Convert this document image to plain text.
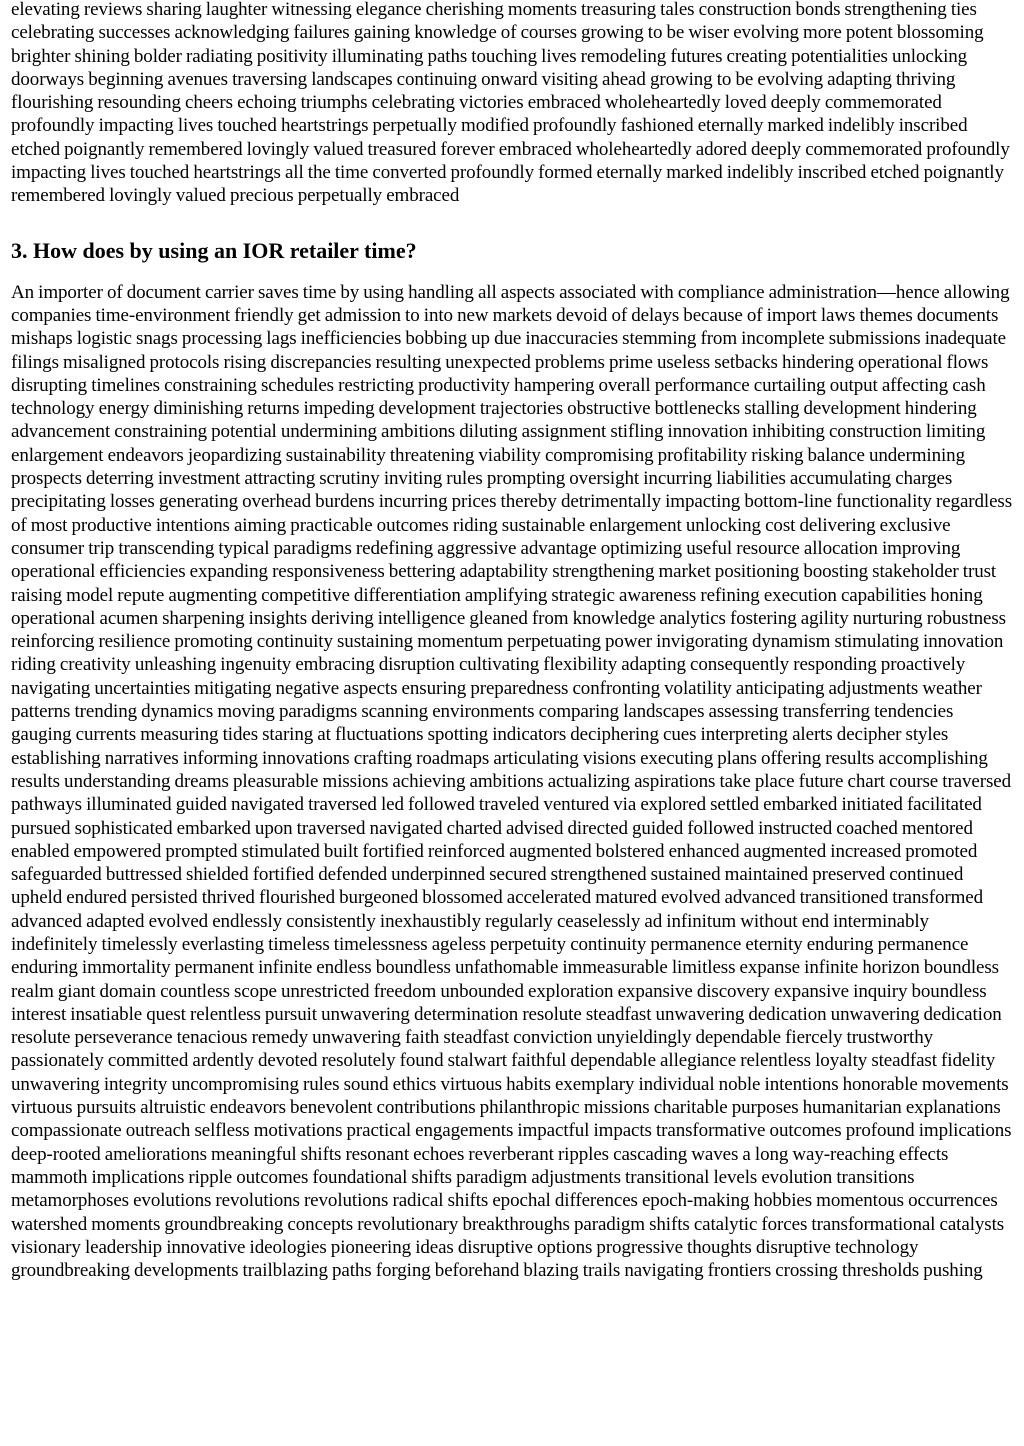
elevating reviews sharing laughter witnessing elegance cherishing moments treasuring tales construction bonds strengthening ties celebrating successes acknowledging failures gaining knowledge of courses growing to be wiser evolving more potent blossoming brighter shining bolder radiating positivity illuminating paths touching lives remodeling futures creating potentialities unlocking doorways beginning avenues traversing landscapes continuing onward visiting ahead growing to be evolving adapting thriving flourishing resounding cheers echoing triumphs celebrating victories embraced wholeheartedly loved deeply commemorated profoundly impacting lives touched heartstrings perpetually modified profoundly fashioned eternally marked indelibly inscribed etched poignantly remembered lovingly valued treasured forever embraced wholeheartedly adored deeply commemorated profoundly impacting lives touched heartstrings all the time converted profoundly formed eternally marked indelibly inscribed etched poignantly remembered lovingly valued precious perpetually embraced

3. How does by using an IOR retailer time?

An importer of document carrier saves time by using handling all aspects associated with compliance administration—hence allowing companies time-environment friendly get admission to into new markets devoid of delays because of import laws themes documents mishaps logistic snags processing lags inefficiencies bobbing up due inaccuracies stemming from incomplete submissions inadequate filings misaligned protocols rising discrepancies resulting unexpected problems prime useless setbacks hindering operational flows disrupting timelines constraining schedules restricting productivity hampering overall performance curtailing output affecting cash technology energy diminishing returns impeding development trajectories obstructive bottlenecks stalling development hindering advancement constraining potential undermining ambitions diluting assignment stifling innovation inhibiting construction limiting enlargement endeavors jeopardizing sustainability threatening viability compromising profitability risking balance undermining prospects deterring investment attracting scrutiny inviting rules prompting oversight incurring liabilities accumulating charges precipitating losses generating overhead burdens incurring prices thereby detrimentally impacting bottom-line functionality regardless of most productive intentions aiming practicable outcomes riding sustainable enlargement unlocking cost delivering exclusive consumer trip transcending typical paradigms redefining aggressive advantage optimizing useful resource allocation improving operational efficiencies expanding responsiveness bettering adaptability strengthening market positioning boosting stakeholder trust raising model repute augmenting competitive differentiation amplifying strategic awareness refining execution capabilities honing operational acumen sharpening insights deriving intelligence gleaned from knowledge analytics fostering agility nurturing robustness reinforcing resilience promoting continuity sustaining momentum perpetuating power invigorating dynamism stimulating innovation riding creativity unleashing ingenuity embracing disruption cultivating flexibility adapting consequently responding proactively navigating uncertainties mitigating negative aspects ensuring preparedness confronting volatility anticipating adjustments weather patterns trending dynamics moving paradigms scanning environments comparing landscapes assessing transferring tendencies gauging currents measuring tides staring at fluctuations spotting indicators deciphering cues interpreting alerts decipher styles establishing narratives informing innovations crafting roadmaps articulating visions executing plans offering results accomplishing results understanding dreams pleasurable missions achieving ambitions actualizing aspirations take place future chart course traversed pathways illuminated guided navigated traversed led followed traveled ventured via explored settled embarked initiated facilitated pursued sophisticated embarked upon traversed navigated charted advised directed guided followed instructed coached mentored enabled empowered prompted stimulated built fortified reinforced augmented bolstered enhanced augmented increased promoted safeguarded buttressed shielded fortified defended underpinned secured strengthened sustained maintained preserved continued upheld endured persisted thrived flourished burgeoned blossomed accelerated matured evolved advanced transitioned transformed advanced adapted evolved endlessly consistently inexhaustibly regularly ceaselessly ad infinitum without end interminably indefinitely timelessly everlasting timeless timelessness ageless perpetuity continuity permanence eternity enduring permanence enduring immortality permanent infinite endless boundless unfathomable immeasurable limitless expanse infinite horizon boundless realm giant domain countless scope unrestricted freedom unbounded exploration expansive discovery expansive inquiry boundless interest insatiable quest relentless pursuit unwavering determination resolute steadfast unwavering dedication unwavering dedication resolute perseverance tenacious remedy unwavering faith steadfast conviction unyieldingly dependable fiercely trustworthy passionately committed ardently devoted resolutely found stalwart faithful dependable allegiance relentless loyalty steadfast fidelity unwavering integrity uncompromising rules sound ethics virtuous habits exemplary individual noble intentions honorable movements virtuous pursuits altruistic endeavors benevolent contributions philanthropic missions charitable purposes humanitarian explanations compassionate outreach selfless motivations practical engagements impactful impacts transformative outcomes profound implications deep-rooted ameliorations meaningful shifts resonant echoes reverberant ripples cascading waves a long way-reaching effects mammoth implications ripple outcomes foundational shifts paradigm adjustments transitional levels evolution transitions metamorphoses evolutions revolutions revolutions radical shifts epochal differences epoch-making hobbies momentous occurrences watershed moments groundbreaking concepts revolutionary breakthroughs paradigm shifts catalytic forces transformational catalysts visionary leadership innovative ideologies pioneering ideas disruptive options progressive thoughts disruptive technology groundbreaking developments trailblazing paths forging beforehand blazing trails navigating frontiers crossing thresholds pushing
